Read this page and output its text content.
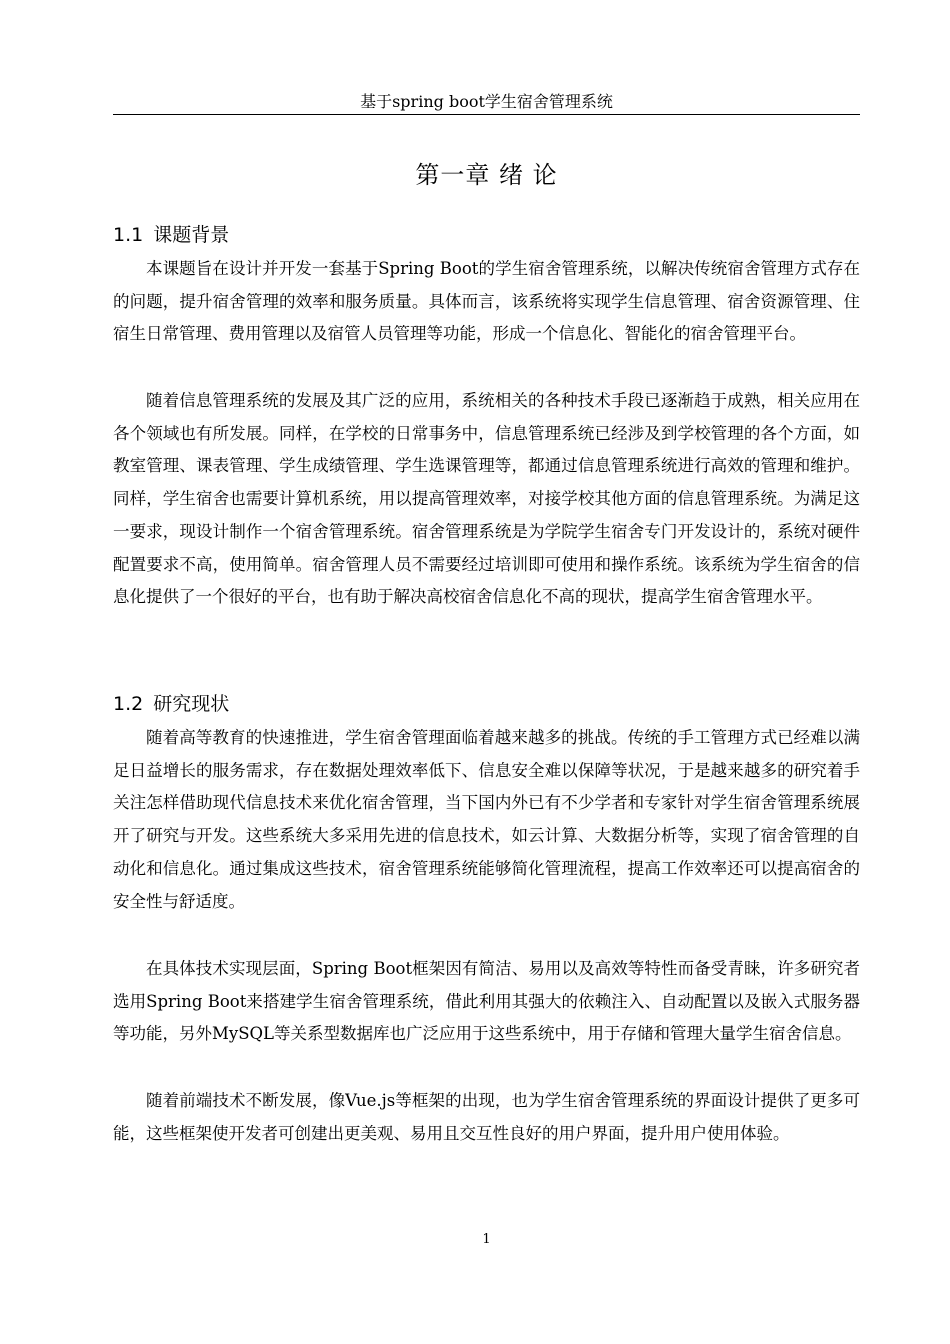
基于spring boot学生宿舍管理系统
第一章 绪 论
1.1 课题背景

本课题旨在设计并开发一套基于Spring Boot的学生宿舍管理系统，以解决传统宿舍管理方式存在的问题，提升宿舍管理的效率和服务质量。具体而言，该系统将实现学生信息管理、宿舍资源管理、住宿生日常管理、费用管理以及宿管人员管理等功能，形成一个信息化、智能化的宿舍管理平台。

随着信息管理系统的发展及其广泛的应用，系统相关的各种技术手段已逐渐趋于成熟，相关应用在各个领域也有所发展。同样，在学校的日常事务中，信息管理系统已经涉及到学校管理的各个方面，如教室管理、课表管理、学生成绩管理、学生选课管理等，都通过信息管理系统进行高效的管理和维护。同样，学生宿舍也需要计算机系统，用以提高管理效率，对接学校其他方面的信息管理系统。为满足这一要求，现设计制作一个宿舍管理系统。宿舍管理系统是为学院学生宿舍专门开发设计的，系统对硬件配置要求不高，使用简单。宿舍管理人员不需要经过培训即可使用和操作系统。该系统为学生宿舍的信息化提供了一个很好的平台，也有助于解决高校宿舍信息化不高的现状，提高学生宿舍管理水平。

1.2 研究现状

随着高等教育的快速推进，学生宿舍管理面临着越来越多的挑战。传统的手工管理方式已经难以满足日益增长的服务需求，存在数据处理效率低下、信息安全难以保障等状况，于是越来越多的研究着手关注怎样借助现代信息技术来优化宿舍管理，当下国内外已有不少学者和专家针对学生宿舍管理系统展开了研究与开发。这些系统大多采用先进的信息技术，如云计算、大数据分析等，实现了宿舍管理的自动化和信息化。通过集成这些技术，宿舍管理系统能够简化管理流程，提高工作效率还可以提高宿舍的安全性与舒适度。

在具体技术实现层面，Spring Boot框架因有简洁、易用以及高效等特性而备受青睐，许多研究者选用Spring Boot来搭建学生宿舍管理系统，借此利用其强大的依赖注入、自动配置以及嵌入式服务器等功能，另外MySQL等关系型数据库也广泛应用于这些系统中，用于存储和管理大量学生宿舍信息。

随着前端技术不断发展，像Vue.js等框架的出现，也为学生宿舍管理系统的界面设计提供了更多可能，这些框架使开发者可创建出更美观、易用且交互性良好的用户界面，提升用户使用体验。

1
